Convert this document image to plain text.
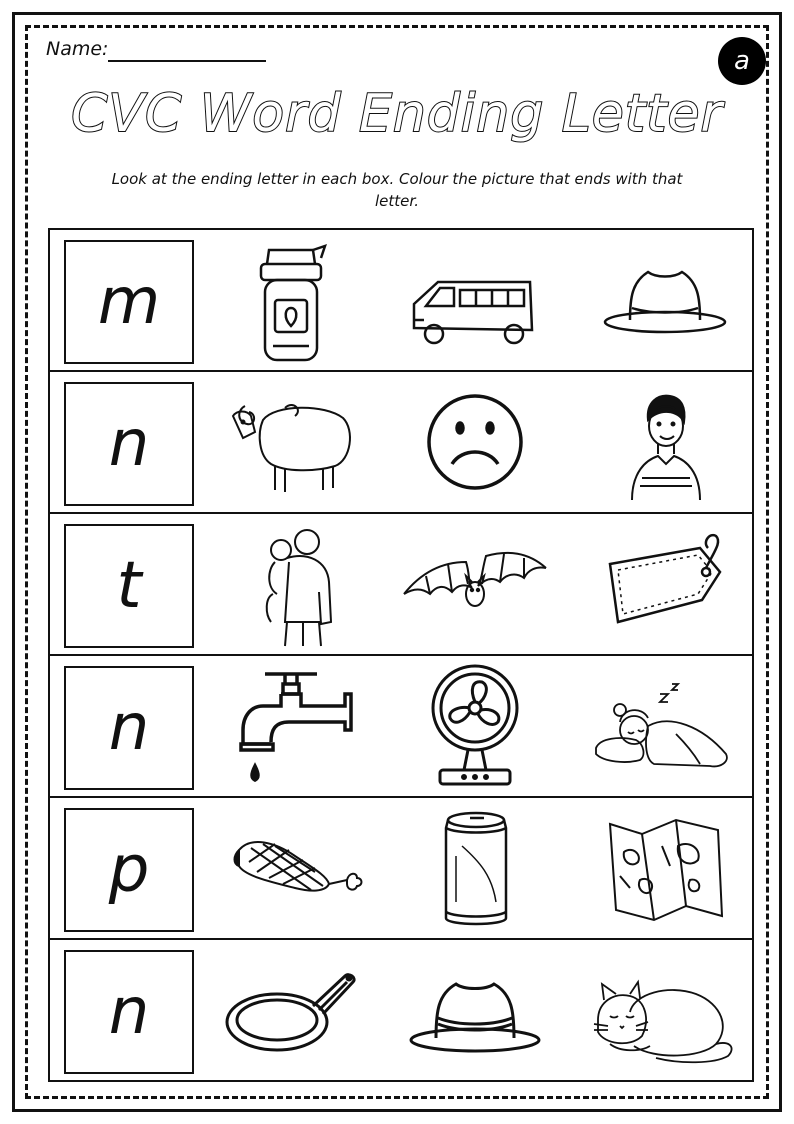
Name:	a
CVC Word Ending Letter
Look at the ending letter in each box. Colour the picture that ends with that letter.
m
n
t
n
p
n
